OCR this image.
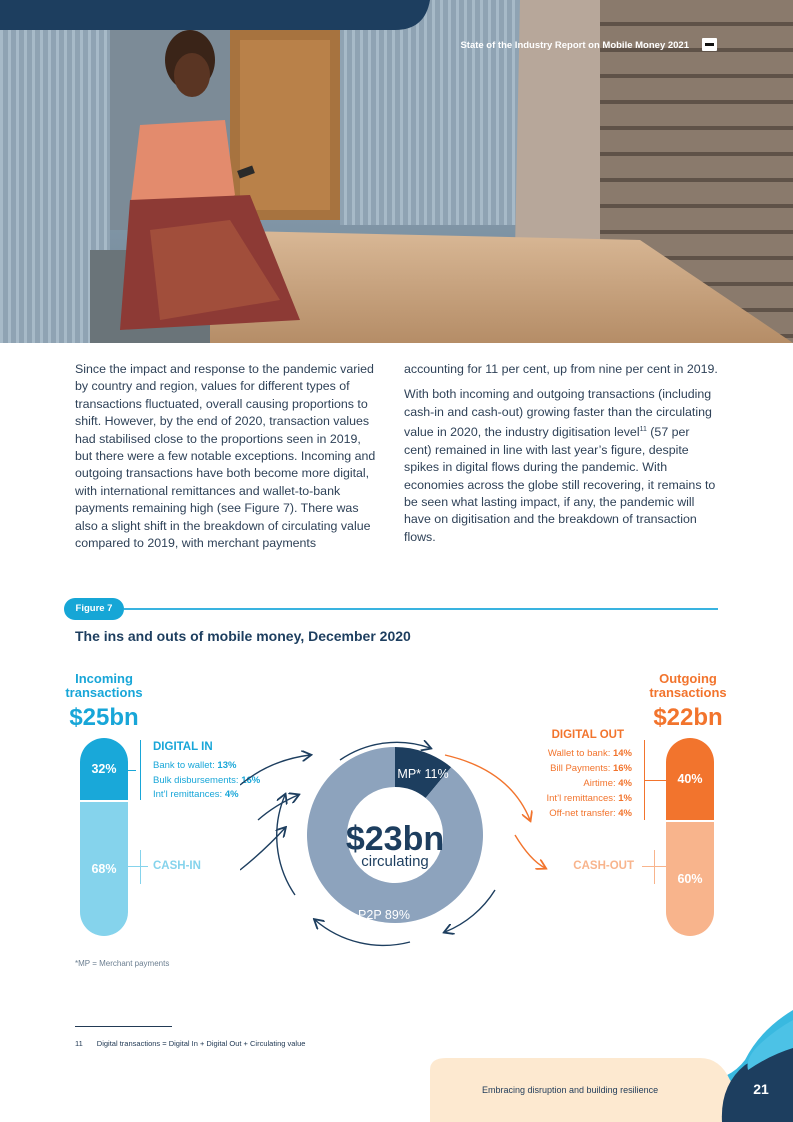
State of the Industry Report on Mobile Money 2021

Since the impact and response to the pandemic varied by country and region, values for different types of transactions fluctuated, overall causing proportions to shift. However, by the end of 2020, transaction values had stabilised close to the proportions seen in 2019, but there were a few notable exceptions. Incoming and outgoing transactions have both become more digital, with international remittances and wallet-to-bank payments remaining high (see Figure 7). There was also a slight shift in the breakdown of circulating value compared to 2019, with merchant payments

accounting for 11 per cent, up from nine per cent in 2019.

With both incoming and outgoing transactions (including cash-in and cash-out) growing faster than the circulating value in 2020, the industry digitisation level$^{11}$ (57 per cent) remained in line with last year’s figure, despite spikes in digital flows during the pandemic. With economies across the globe still recovering, it remains to be seen what lasting impact, if any, the pandemic will have on digitisation and the breakdown of transaction flows.

Figure 7
The ins and outs of mobile money, December 2020
Incoming
transactions
$25bn
32%
68%
DIGITAL IN
Bank to wallet: 13%
Bulk disbursements: 16%
Int’l remittances: 4%
CASH-IN
Outgoing
transactions
$22bn
40%
60%
DIGITAL OUT
Wallet to bank: 14%
Bill Payments: 16%
Airtime: 4%
Int’l remittances: 1%
Off-net transfer: 4%
CASH-OUT
$23bn
circulating
MP* 11%
P2P 89%
*MP = Merchant payments
11 Digital transactions = Digital In + Digital Out + Circulating value
Embracing disruption and building resilience	21
